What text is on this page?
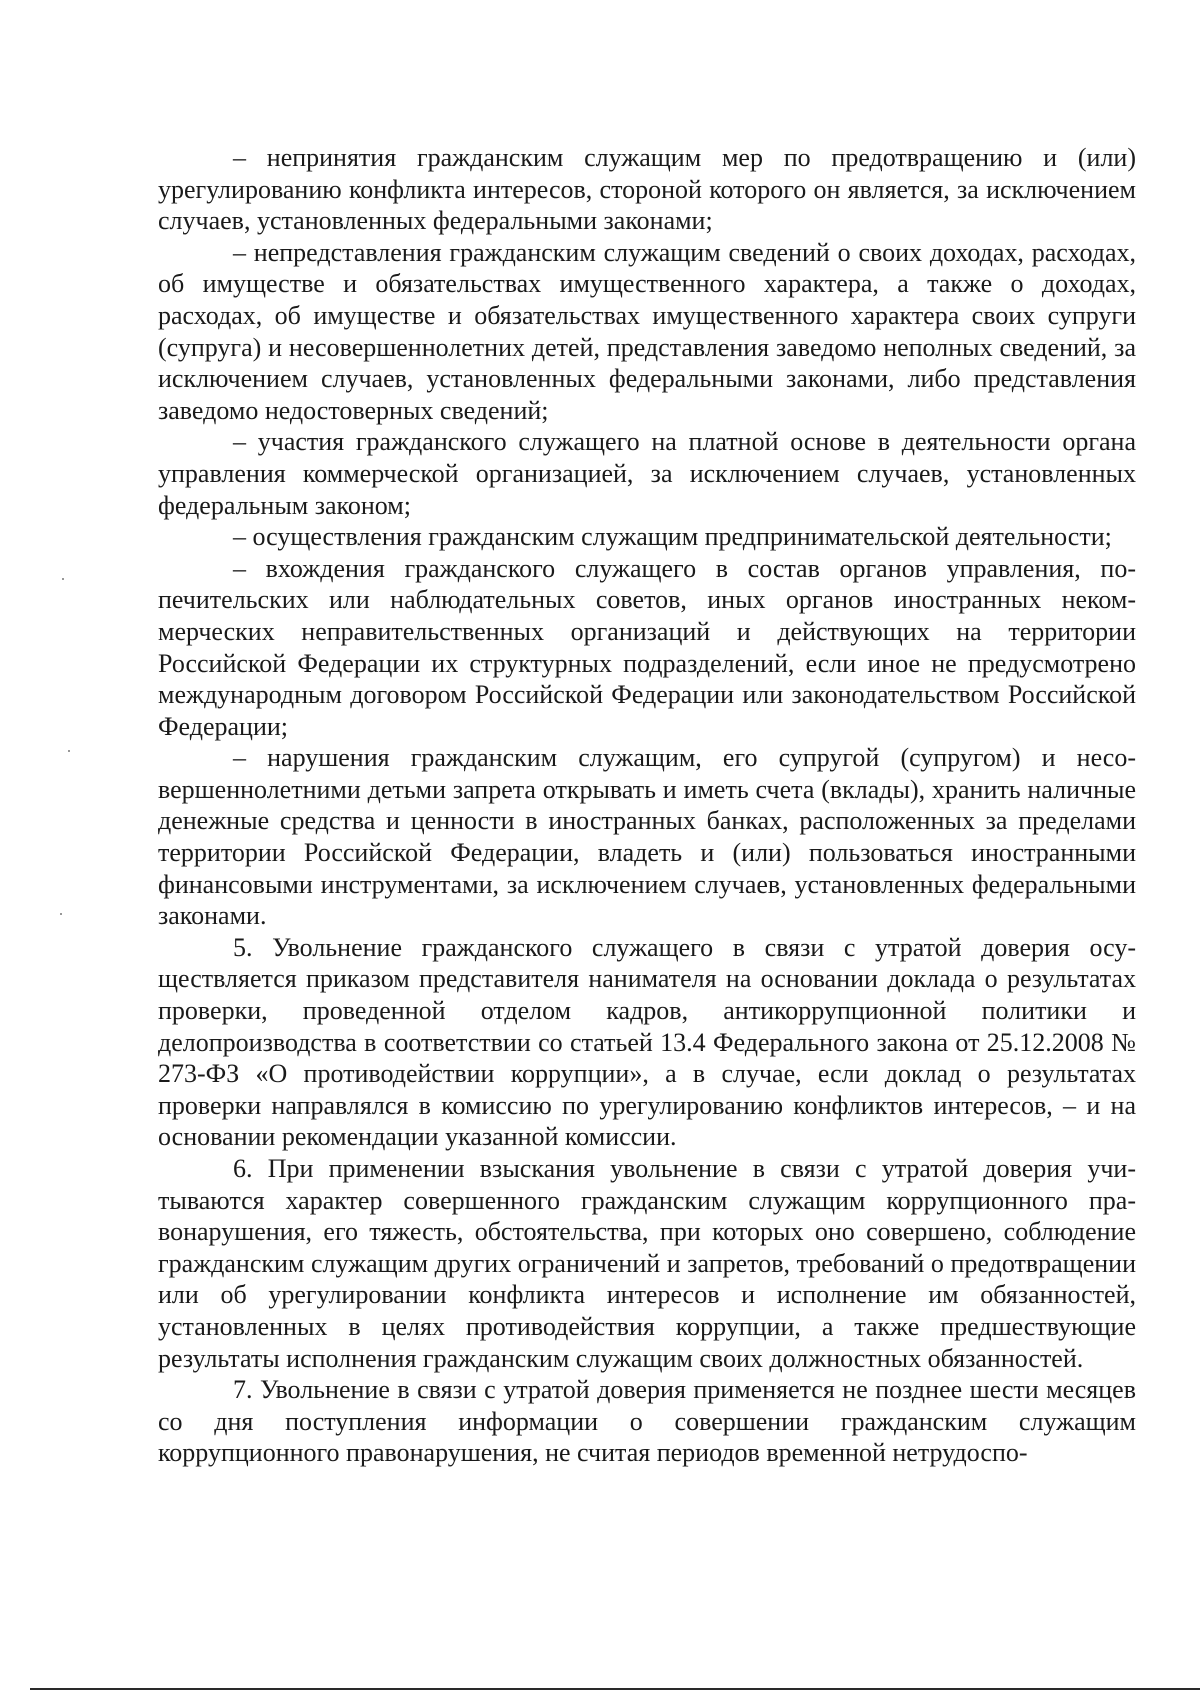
– непринятия гражданским служащим мер по предотвращению и (или) урегулированию конфликта интересов, стороной которого он является, за исключением случаев, установленных федеральными законами;

– непредставления гражданским служащим сведений о своих доходах, расходах, об имуществе и обязательствах имущественного характера, а также о доходах, расходах, об имуществе и обязательствах имущественного характера своих супруги (супруга) и несовершеннолетних детей, представления заведомо неполных сведений, за исключением случаев, установленных федеральными законами, либо представления заведомо недостоверных сведений;

– участия гражданского служащего на платной основе в деятельности органа управления коммерческой организацией, за исключением случаев, установленных федеральным законом;

– осуществления гражданским служащим предпринимательской деятельности;

– вхождения гражданского служащего в состав органов управления, попечительских или наблюдательных советов, иных органов иностранных некоммерческих неправительственных организаций и действующих на территории Российской Федерации их структурных подразделений, если иное не предусмотрено международным договором Российской Федерации или законодательством Российской Федерации;

– нарушения гражданским служащим, его супругой (супругом) и несовершеннолетними детьми запрета открывать и иметь счета (вклады), хранить наличные денежные средства и ценности в иностранных банках, расположенных за пределами территории Российской Федерации, владеть и (или) пользоваться иностранными финансовыми инструментами, за исключением случаев, установленных федеральными законами.

5. Увольнение гражданского служащего в связи с утратой доверия осуществляется приказом представителя нанимателя на основании доклада о результатах проверки, проведенной отделом кадров, антикоррупционной политики и делопроизводства в соответствии со статьей 13.4 Федерального закона от 25.12.2008 № 273-ФЗ «О противодействии коррупции», а в случае, если доклад о результатах проверки направлялся в комиссию по урегулированию конфликтов интересов, – и на основании рекомендации указанной комиссии.

6. При применении взыскания увольнение в связи с утратой доверия учитываются характер совершенного гражданским служащим коррупционного правонарушения, его тяжесть, обстоятельства, при которых оно совершено, соблюдение гражданским служащим других ограничений и запретов, требований о предотвращении или об урегулировании конфликта интересов и исполнение им обязанностей, установленных в целях противодействия коррупции, а также предшествующие результаты исполнения гражданским служащим своих должностных обязанностей.

7. Увольнение в связи с утратой доверия применяется не позднее шести месяцев со дня поступления информации о совершении гражданским служащим коррупционного правонарушения, не считая периодов временной нетрудоспо-
